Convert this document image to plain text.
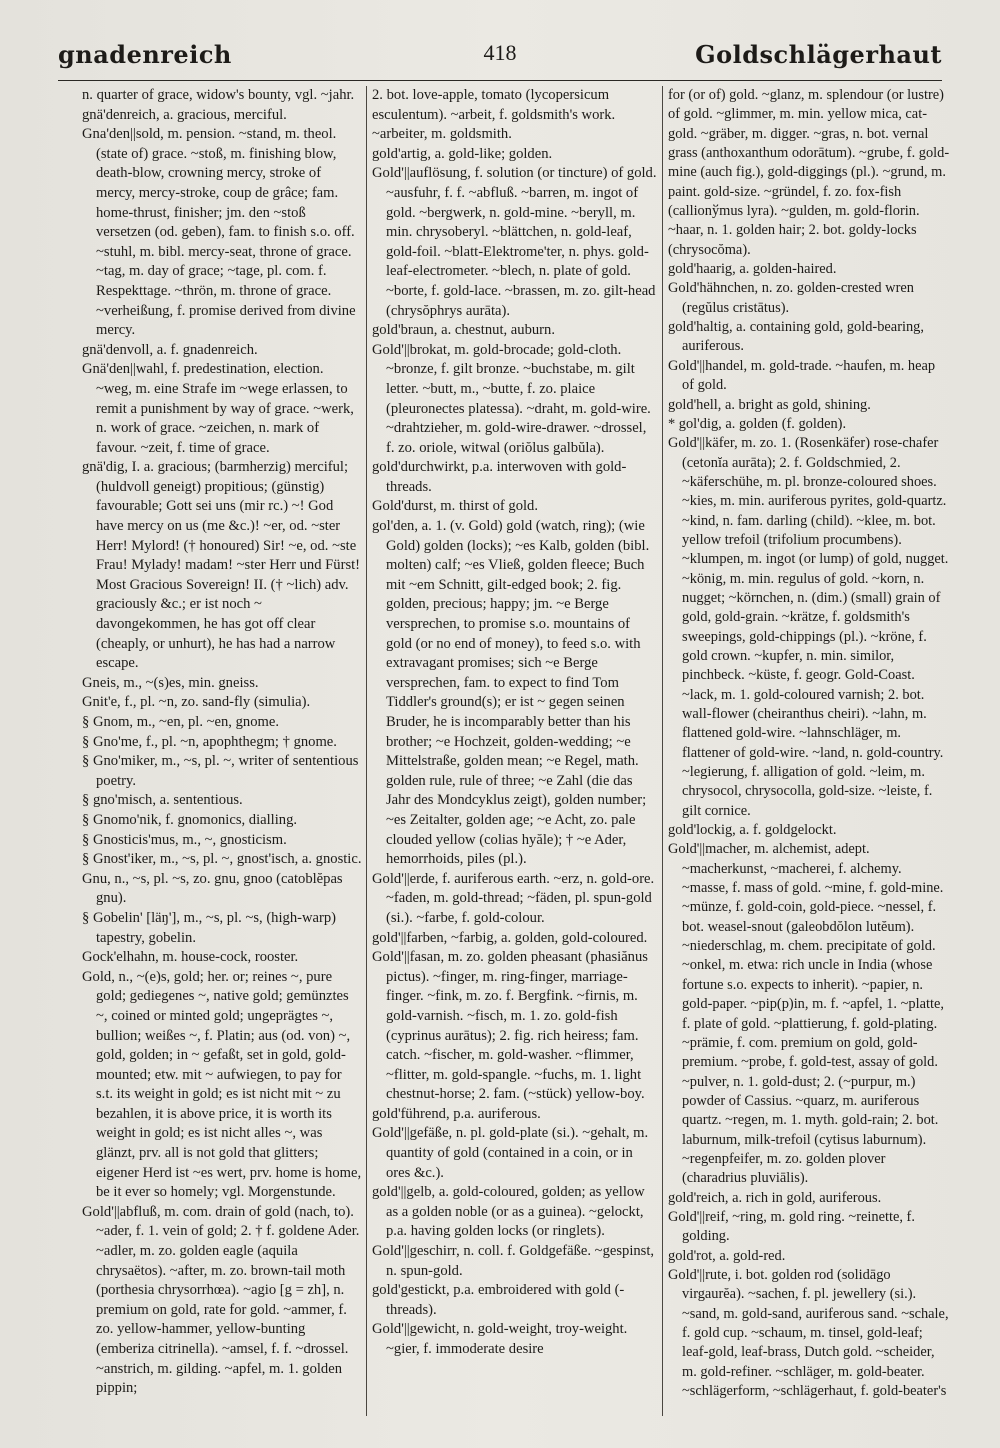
gnadenreich	418	Goldschlägerhaut

n. quarter of grace, widow's bounty, vgl. ~jahr.

gnä'denreich, a. gracious, merciful.

Gna'den||sold, m. pension. ~stand, m. theol. (state of) grace. ~stoß, m. finishing blow, death-blow, crowning mercy, stroke of mercy, mercy-stroke, coup de grâce; fam. home-thrust, finisher; jm. den ~stoß versetzen (od. geben), fam. to finish s.o. off. ~stuhl, m. bibl. mercy-seat, throne of grace. ~tag, m. day of grace; ~tage, pl. com. f. Respekttage. ~thrön, m. throne of grace. ~verheißung, f. promise derived from divine mercy.

gnä'denvoll, a. f. gnadenreich.

Gnä'den||wahl, f. predestination, election. ~weg, m. eine Strafe im ~wege erlassen, to remit a punishment by way of grace. ~werk, n. work of grace. ~zeichen, n. mark of favour. ~zeit, f. time of grace.

gnä'dig, I. a. gracious; (barmherzig) merciful; (huldvoll geneigt) propitious; (günstig) favourable; Gott sei uns (mir rc.) ~! God have mercy on us (me &c.)! ~er, od. ~ster Herr! Mylord! († honoured) Sir! ~e, od. ~ste Frau! Mylady! madam! ~ster Herr und Fürst! Most Gracious Sovereign! II. († ~lich) adv. graciously &c.; er ist noch ~ davongekommen, he has got off clear (cheaply, or unhurt), he has had a narrow escape.

Gneis, m., ~(s)es, min. gneiss.

Gnit'e, f., pl. ~n, zo. sand-fly (simulia).

§ Gnom, m., ~en, pl. ~en, gnome.

§ Gno'me, f., pl. ~n, apophthegm; † gnome.

§ Gno'miker, m., ~s, pl. ~, writer of sententious poetry.

§ gno'misch, a. sententious.

§ Gnomo'nik, f. gnomonics, dialling.

§ Gnosticis'mus, m., ~, gnosticism.

§ Gnost'iker, m., ~s, pl. ~, gnost'isch, a. gnostic.

Gnu, n., ~s, pl. ~s, zo. gnu, gnoo (catoblĕpas gnu).

§ Gobelin' [läŋ'], m., ~s, pl. ~s, (high-warp) tapestry, gobelin.

Gock'elhahn, m. house-cock, rooster.

Gold, n., ~(e)s, gold; her. or; reines ~, pure gold; gediegenes ~, native gold; gemünztes ~, coined or minted gold; ungeprägtes ~, bullion; weißes ~, f. Platin; aus (od. von) ~, gold, golden; in ~ gefaßt, set in gold, gold-mounted; etw. mit ~ aufwiegen, to pay for s.t. its weight in gold; es ist nicht mit ~ zu bezahlen, it is above price, it is worth its weight in gold; es ist nicht alles ~, was glänzt, prv. all is not gold that glitters; eigener Herd ist ~es wert, prv. home is home, be it ever so homely; vgl. Morgenstunde.

Gold'||abfluß, m. com. drain of gold (nach, to). ~ader, f. 1. vein of gold; 2. † f. goldene Ader. ~adler, m. zo. golden eagle (aquila chrysaëtos). ~after, m. zo. brown-tail moth (porthesia chrysorrhœa). ~agio [g = zh], n. premium on gold, rate for gold. ~ammer, f. zo. yellow-hammer, yellow-bunting (emberiza citrinella). ~amsel, f. f. ~drossel. ~anstrich, m. gilding. ~apfel, m. 1. golden pippin;

2. bot. love-apple, tomato (lycopersicum esculentum). ~arbeit, f. goldsmith's work. ~arbeiter, m. goldsmith.

gold'artig, a. gold-like; golden.

Gold'||auflösung, f. solution (or tincture) of gold. ~ausfuhr, f. f. ~abfluß. ~barren, m. ingot of gold. ~bergwerk, n. gold-mine. ~beryll, m. min. chrysoberyl. ~blättchen, n. gold-leaf, gold-foil. ~blatt-Elektrome'ter, n. phys. gold-leaf-electrometer. ~blech, n. plate of gold. ~borte, f. gold-lace. ~brassen, m. zo. gilt-head (chrysŏphrys aurāta).

gold'braun, a. chestnut, auburn.

Gold'||brokat, m. gold-brocade; gold-cloth. ~bronze, f. gilt bronze. ~buchstabe, m. gilt letter. ~butt, m., ~butte, f. zo. plaice (pleuronectes platessa). ~draht, m. gold-wire. ~drahtzieher, m. gold-wire-drawer. ~drossel, f. zo. oriole, witwal (oriŏlus galbŭla).

gold'durchwirkt, p.a. interwoven with gold-threads.

Gold'durst, m. thirst of gold.

gol'den, a. 1. (v. Gold) gold (watch, ring); (wie Gold) golden (locks); ~es Kalb, golden (bibl. molten) calf; ~es Vließ, golden fleece; Buch mit ~em Schnitt, gilt-edged book; 2. fig. golden, precious; happy; jm. ~e Berge versprechen, to promise s.o. mountains of gold (or no end of money), to feed s.o. with extravagant promises; sich ~e Berge versprechen, fam. to expect to find Tom Tiddler's ground(s); er ist ~ gegen seinen Bruder, he is incomparably better than his brother; ~e Hochzeit, golden-wedding; ~e Mittelstraße, golden mean; ~e Regel, math. golden rule, rule of three; ~e Zahl (die das Jahr des Mondcyklus zeigt), golden number; ~es Zeitalter, golden age; ~e Acht, zo. pale clouded yellow (colias hyăle); † ~e Ader, hemorrhoids, piles (pl.).

Gold'||erde, f. auriferous earth. ~erz, n. gold-ore. ~faden, m. gold-thread; ~fäden, pl. spun-gold (si.). ~farbe, f. gold-colour.

gold'||farben, ~farbig, a. golden, gold-coloured.

Gold'||fasan, m. zo. golden pheasant (phasiănus pictus). ~finger, m. ring-finger, marriage-finger. ~fink, m. zo. f. Bergfink. ~firnis, m. gold-varnish. ~fisch, m. 1. zo. gold-fish (cyprinus aurātus); 2. fig. rich heiress; fam. catch. ~fischer, m. gold-washer. ~flimmer, ~flitter, m. gold-spangle. ~fuchs, m. 1. light chestnut-horse; 2. fam. (~stück) yellow-boy.

gold'führend, p.a. auriferous.

Gold'||gefäße, n. pl. gold-plate (si.). ~gehalt, m. quantity of gold (contained in a coin, or in ores &c.).

gold'||gelb, a. gold-coloured, golden; as yellow as a golden noble (or as a guinea). ~gelockt, p.a. having golden locks (or ringlets).

Gold'||geschirr, n. coll. f. Goldgefäße. ~gespinst, n. spun-gold.

gold'gestickt, p.a. embroidered with gold (-threads).

Gold'||gewicht, n. gold-weight, troy-weight. ~gier, f. immoderate desire

for (or of) gold. ~glanz, m. splendour (or lustre) of gold. ~glimmer, m. min. yellow mica, cat-gold. ~gräber, m. digger. ~gras, n. bot. vernal grass (anthoxanthum odorātum). ~grube, f. gold-mine (auch fig.), gold-diggings (pl.). ~grund, m. paint. gold-size. ~gründel, f. zo. fox-fish (callionўmus lyra). ~gulden, m. gold-florin. ~haar, n. 1. golden hair; 2. bot. goldy-locks (chrysocŏma).

gold'haarig, a. golden-haired.

Gold'hähnchen, n. zo. golden-crested wren (regŭlus cristātus).

gold'haltig, a. containing gold, gold-bearing, auriferous.

Gold'||handel, m. gold-trade. ~haufen, m. heap of gold.

gold'hell, a. bright as gold, shining.

* gol'dig, a. golden (f. golden).

Gold'||käfer, m. zo. 1. (Rosenkäfer) rose-chafer (cetonĭa aurāta); 2. f. Goldschmied, 2. ~käferschühe, m. pl. bronze-coloured shoes. ~kies, m. min. auriferous pyrites, gold-quartz. ~kind, n. fam. darling (child). ~klee, m. bot. yellow trefoil (trifolium procumbens). ~klumpen, m. ingot (or lump) of gold, nugget. ~könig, m. min. regulus of gold. ~korn, n. nugget; ~körnchen, n. (dim.) (small) grain of gold, gold-grain. ~krätze, f. goldsmith's sweepings, gold-chippings (pl.). ~kröne, f. gold crown. ~kupfer, n. min. similor, pinchbeck. ~küste, f. geogr. Gold-Coast. ~lack, m. 1. gold-coloured varnish; 2. bot. wall-flower (cheiranthus cheiri). ~lahn, m. flattened gold-wire. ~lahnschläger, m. flattener of gold-wire. ~land, n. gold-country. ~legierung, f. alligation of gold. ~leim, m. chrysocol, chrysocolla, gold-size. ~leiste, f. gilt cornice.

gold'lockig, a. f. goldgelockt.

Gold'||macher, m. alchemist, adept. ~macherkunst, ~macherei, f. alchemy. ~masse, f. mass of gold. ~mine, f. gold-mine. ~münze, f. gold-coin, gold-piece. ~nessel, f. bot. weasel-snout (galeobdŏlon lutĕum). ~niederschlag, m. chem. precipitate of gold. ~onkel, m. etwa: rich uncle in India (whose fortune s.o. expects to inherit). ~papier, n. gold-paper. ~pip(p)in, m. f. ~apfel, 1. ~platte, f. plate of gold. ~plattierung, f. gold-plating. ~prämie, f. com. premium on gold, gold-premium. ~probe, f. gold-test, assay of gold. ~pulver, n. 1. gold-dust; 2. (~purpur, m.) powder of Cassius. ~quarz, m. auriferous quartz. ~regen, m. 1. myth. gold-rain; 2. bot. laburnum, milk-trefoil (cytisus laburnum). ~regenpfeifer, m. zo. golden plover (charadrius pluviālis).

gold'reich, a. rich in gold, auriferous.

Gold'||reif, ~ring, m. gold ring. ~reinette, f. golding.

gold'rot, a. gold-red.

Gold'||rute, i. bot. golden rod (solidāgo virgaurĕa). ~sachen, f. pl. jewellery (si.). ~sand, m. gold-sand, auriferous sand. ~schale, f. gold cup. ~schaum, m. tinsel, gold-leaf; leaf-gold, leaf-brass, Dutch gold. ~scheider, m. gold-refiner. ~schläger, m. gold-beater. ~schlägerform, ~schlägerhaut, f. gold-beater's
